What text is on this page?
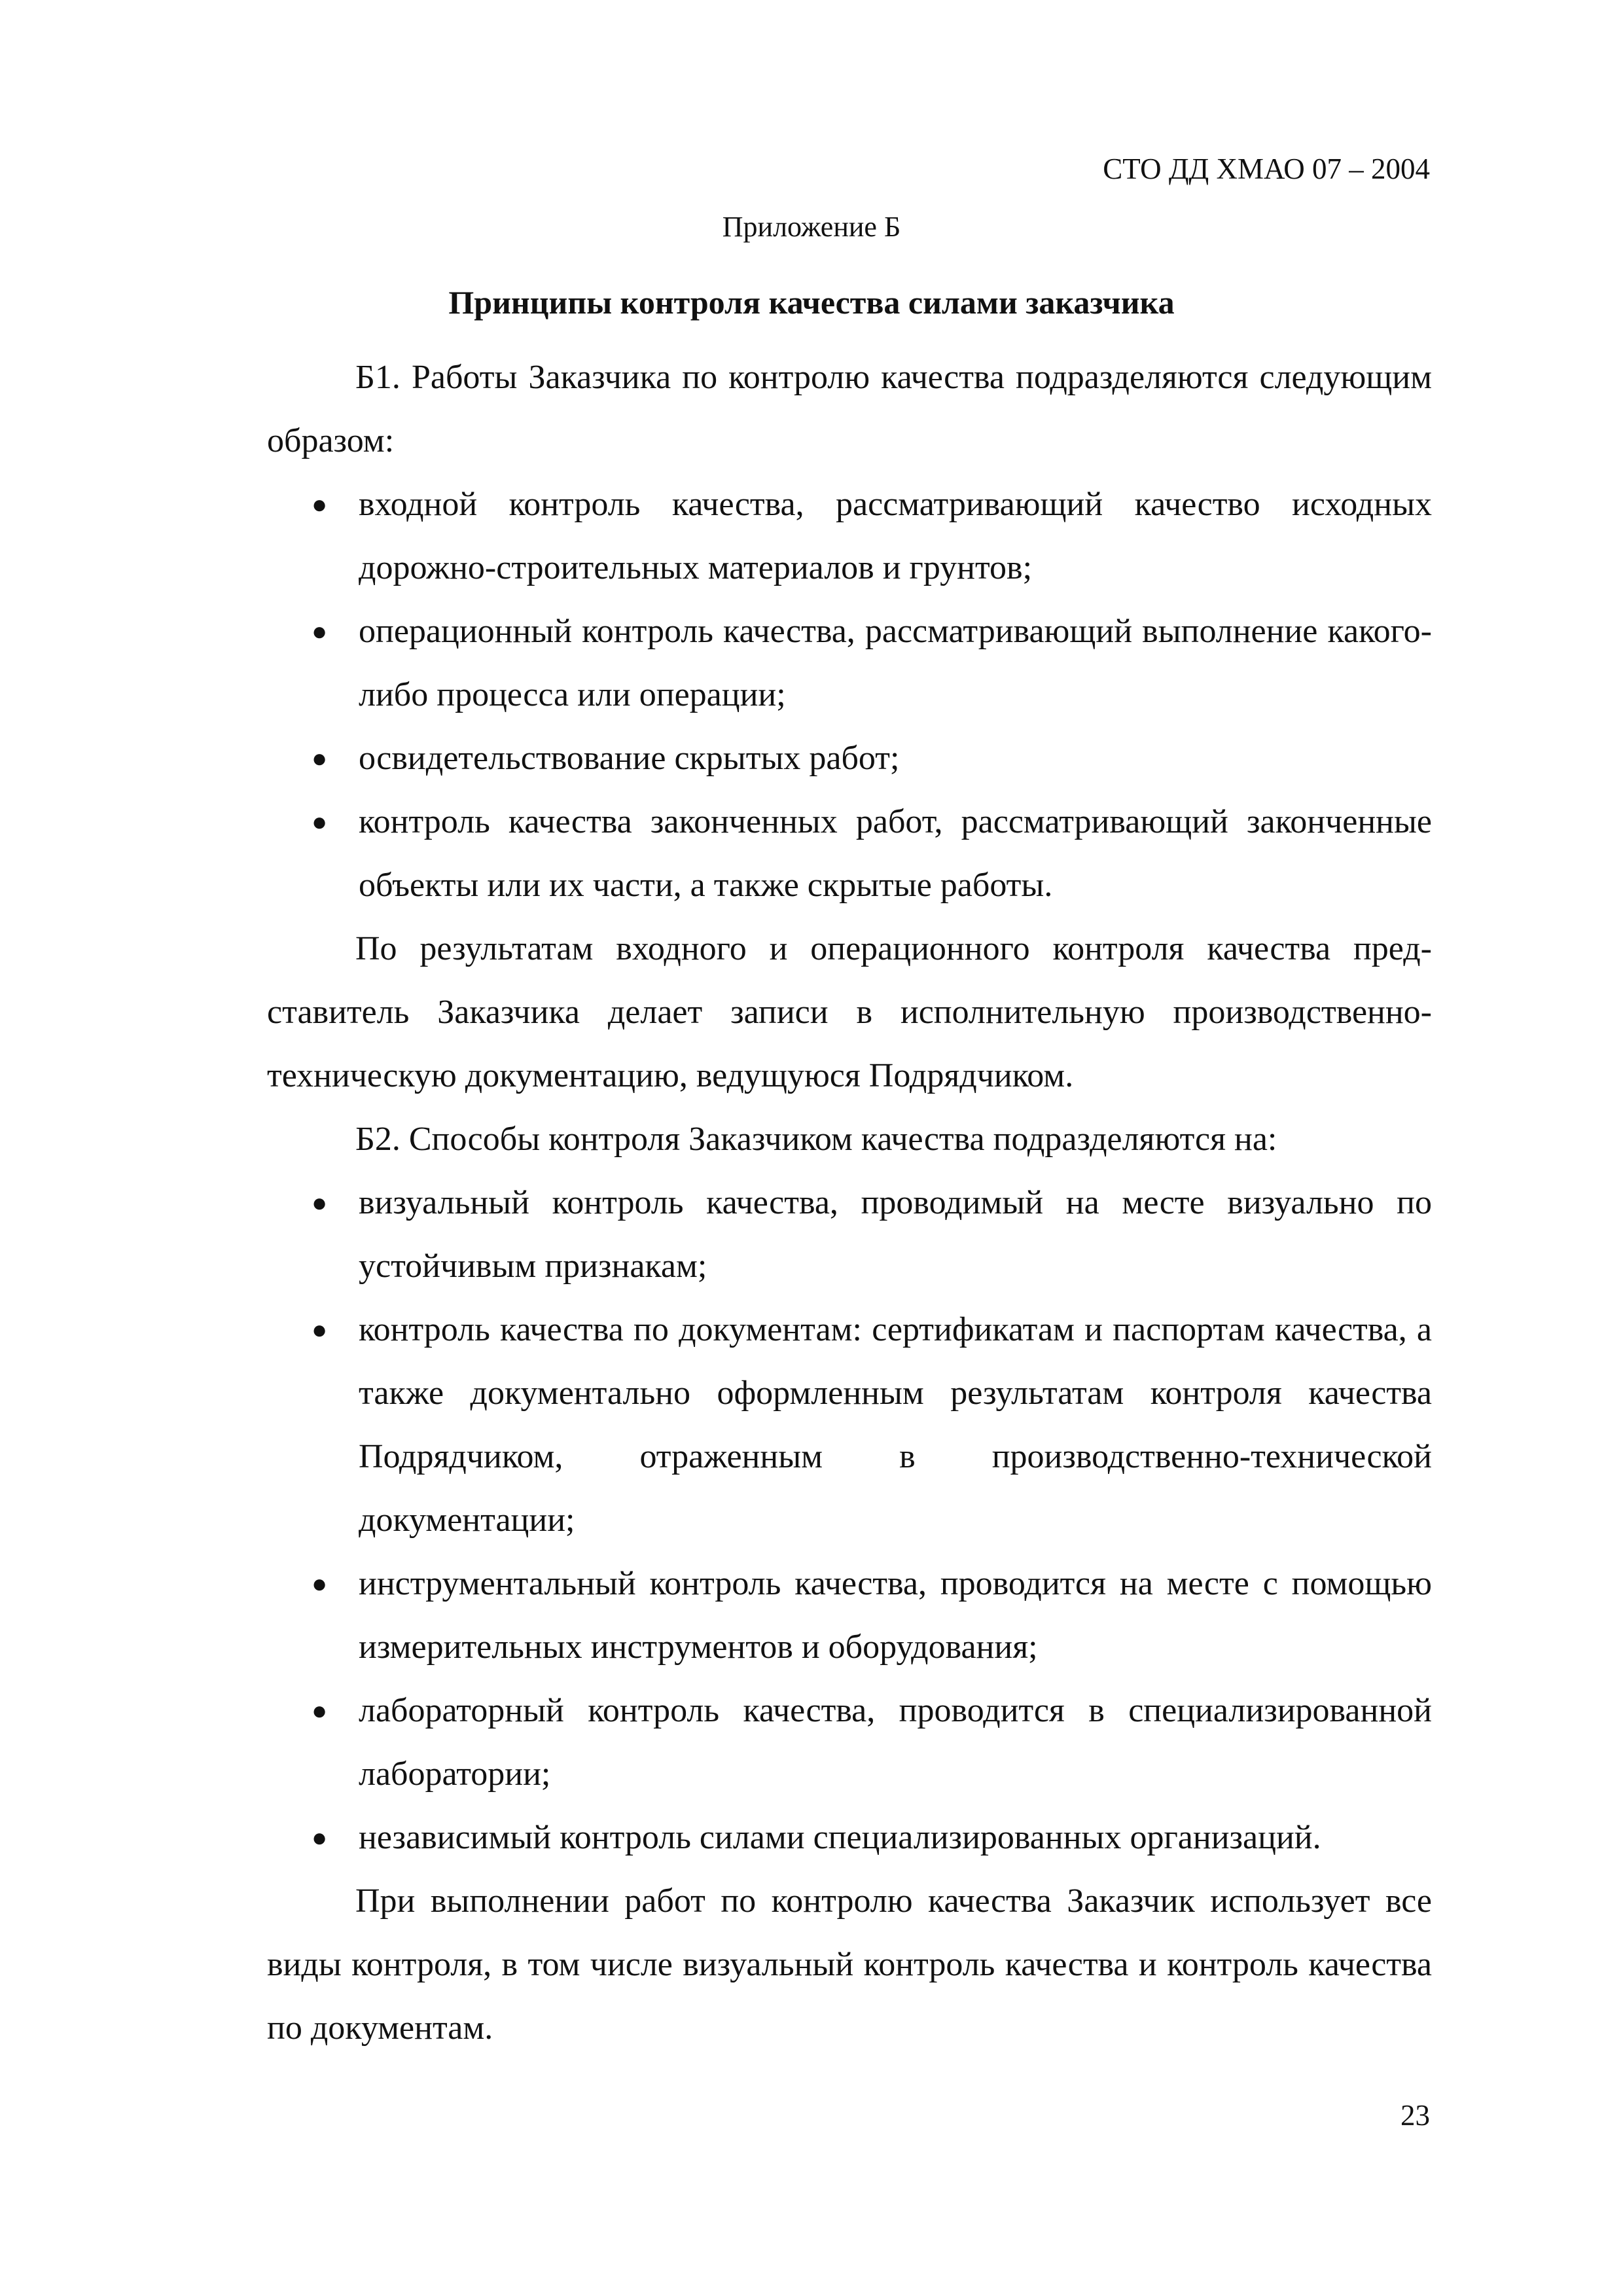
СТО ДД ХМАО 07 – 2004
Приложение Б
Принципы контроля качества силами заказчика

Б1. Работы Заказчика по контролю качества подразделяются следующим образом:

● входной контроль качества, рассматривающий качество исходных дорожно-строительных материалов и грунтов;
● операционный контроль качества, рассматривающий выполнение какого-либо процесса или операции;
● освидетельствование скрытых работ;
● контроль качества законченных работ, рассматривающий законченные объекты или их части, а также скрытые работы.

По результатам входного и операционного контроля качества представитель Заказчика делает записи в исполнительную производственно-техническую документацию, ведущуюся Подрядчиком.

Б2. Способы контроля Заказчиком качества подразделяются на:

● визуальный контроль качества, проводимый на месте визуально по устойчивым признакам;
● контроль качества по документам: сертификатам и паспортам качества, а также документально оформленным результатам контроля качества Подрядчиком, отраженным в производственно-технической документации;
● инструментальный контроль качества, проводится на месте с помощью измерительных инструментов и оборудования;
● лабораторный контроль качества, проводится в специализированной лаборатории;
● независимый контроль силами специализированных организаций.

При выполнении работ по контролю качества Заказчик использует все виды контроля, в том числе визуальный контроль качества и контроль качества по документам.

23
